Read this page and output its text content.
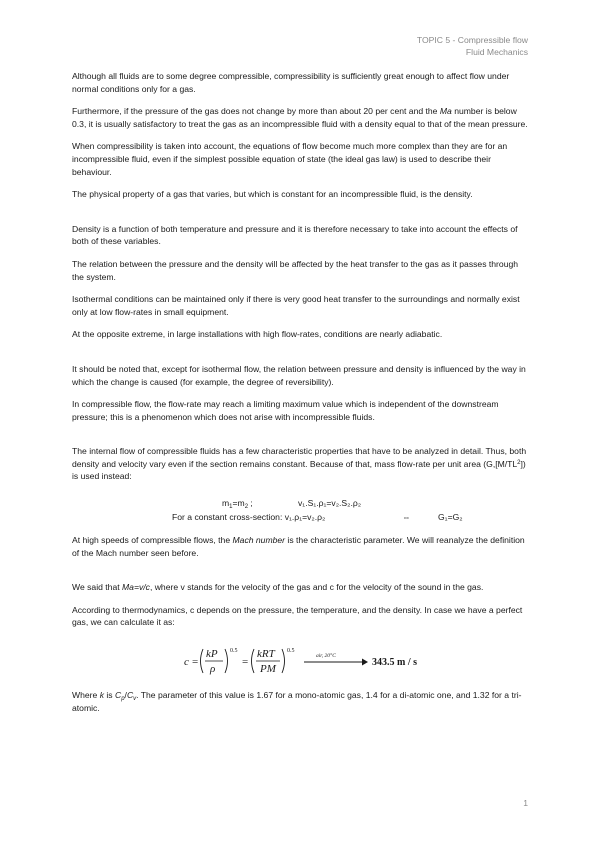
TOPIC 5 - Compressible flow
Fluid Mechanics

Although all fluids are to some degree compressible, compressibility is sufficiently great enough to affect flow under normal conditions only for a gas.

Furthermore, if the pressure of the gas does not change by more than about 20 per cent and the Ma number is below 0.3, it is usually satisfactory to treat the gas as an incompressible fluid with a density equal to that of the mean pressure.

When compressibility is taken into account, the equations of flow become much more complex than they are for an incompressible fluid, even if the simplest possible equation of state (the ideal gas law) is used to describe their behaviour.

The physical property of a gas that varies, but which is constant for an incompressible fluid, is the density.

Density is a function of both temperature and pressure and it is therefore necessary to take into account the effects of both of these variables.

The relation between the pressure and the density will be affected by the heat transfer to the gas as it passes through the system.

Isothermal conditions can be maintained only if there is very good heat transfer to the surroundings and normally exist only at low flow-rates in small equipment.

At the opposite extreme, in large installations with high flow-rates, conditions are nearly adiabatic.

It should be noted that, except for isothermal flow, the relation between pressure and density is influenced by the way in which the change is caused (for example, the degree of reversibility).

In compressible flow, the flow-rate may reach a limiting maximum value which is independent of the downstream pressure; this is a phenomenon which does not arise with incompressible fluids.

The internal flow of compressible fluids has a few characteristic properties that have to be analyzed in detail. Thus, both density and velocity vary even if the section remains constant. Because of that, mass flow-rate per unit area $(G,[M/TL^2])$ is used instead:

$m_1=m_2$ ;	v₁.S₁.ρ₁=v₂.S₂.ρ₂
For a constant cross-section: v₁.ρ₁=v₂.ρ₂	⇔	G₁=G₂

At high speeds of compressible flows, the Mach number is the characteristic parameter. We will reanalyze the definition of the Mach number seen before.

We said that Ma=v/c, where v stands for the velocity of the gas and c for the velocity of the sound in the gas.

According to thermodynamics, c depends on the pressure, the temperature, and the density. In case we have a perfect gas, we can calculate it as:

c =
kP
ρ
0.5
=
kRT
PM
0.5
air, 20°C
343.5 m / s

Where k is $C_p/C_v$. The parameter of this value is 1.67 for a mono-atomic gas, 1.4 for a di-atomic one, and 1.32 for a tri- atomic.

1
